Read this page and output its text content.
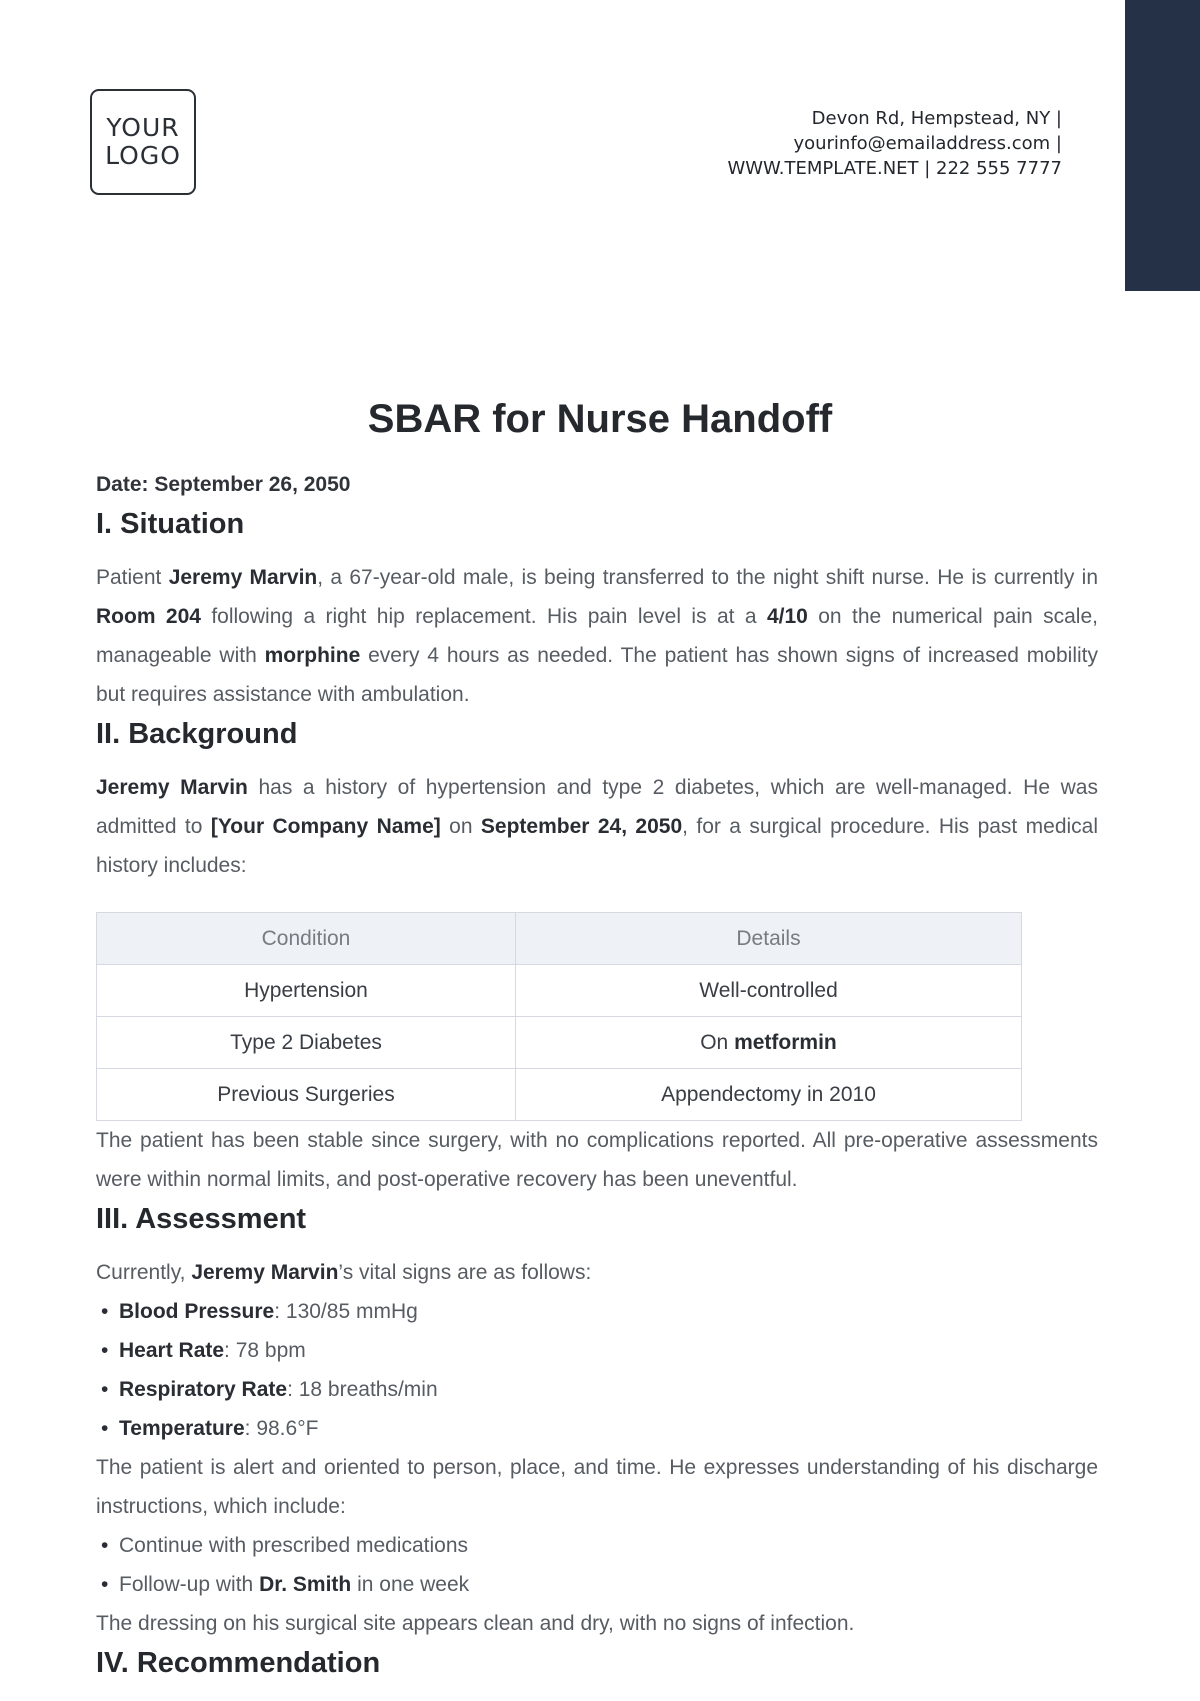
YOUR
LOGO
Devon Rd, Hempstead, NY |
yourinfo@emailaddress.com |
WWW.TEMPLATE.NET | 222 555 7777
SBAR for Nurse Handoff
Date: September 26, 2050
I. Situation

Patient Jeremy Marvin, a 67-year-old male, is being transferred to the night shift nurse. He is currently in Room 204 following a right hip replacement. His pain level is at a 4/10 on the numerical pain scale, manageable with morphine every 4 hours as needed. The patient has shown signs of increased mobility but requires assistance with ambulation.

II. Background

Jeremy Marvin has a history of hypertension and type 2 diabetes, which are well-managed. He was admitted to [Your Company Name] on September 24, 2050, for a surgical procedure. His past medical history includes:

Condition	Details
Hypertension	Well-controlled
Type 2 Diabetes	On metformin
Previous Surgeries	Appendectomy in 2010

The patient has been stable since surgery, with no complications reported. All pre-operative assessments were within normal limits, and post-operative recovery has been uneventful.

III. Assessment

Currently, Jeremy Marvin’s vital signs are as follows:

• Blood Pressure: 130/85 mmHg
• Heart Rate: 78 bpm
• Respiratory Rate: 18 breaths/min
• Temperature: 98.6°F

The patient is alert and oriented to person, place, and time. He expresses understanding of his discharge instructions, which include:

• Continue with prescribed medications
• Follow-up with Dr. Smith in one week

The dressing on his surgical site appears clean and dry, with no signs of infection.

IV. Recommendation
